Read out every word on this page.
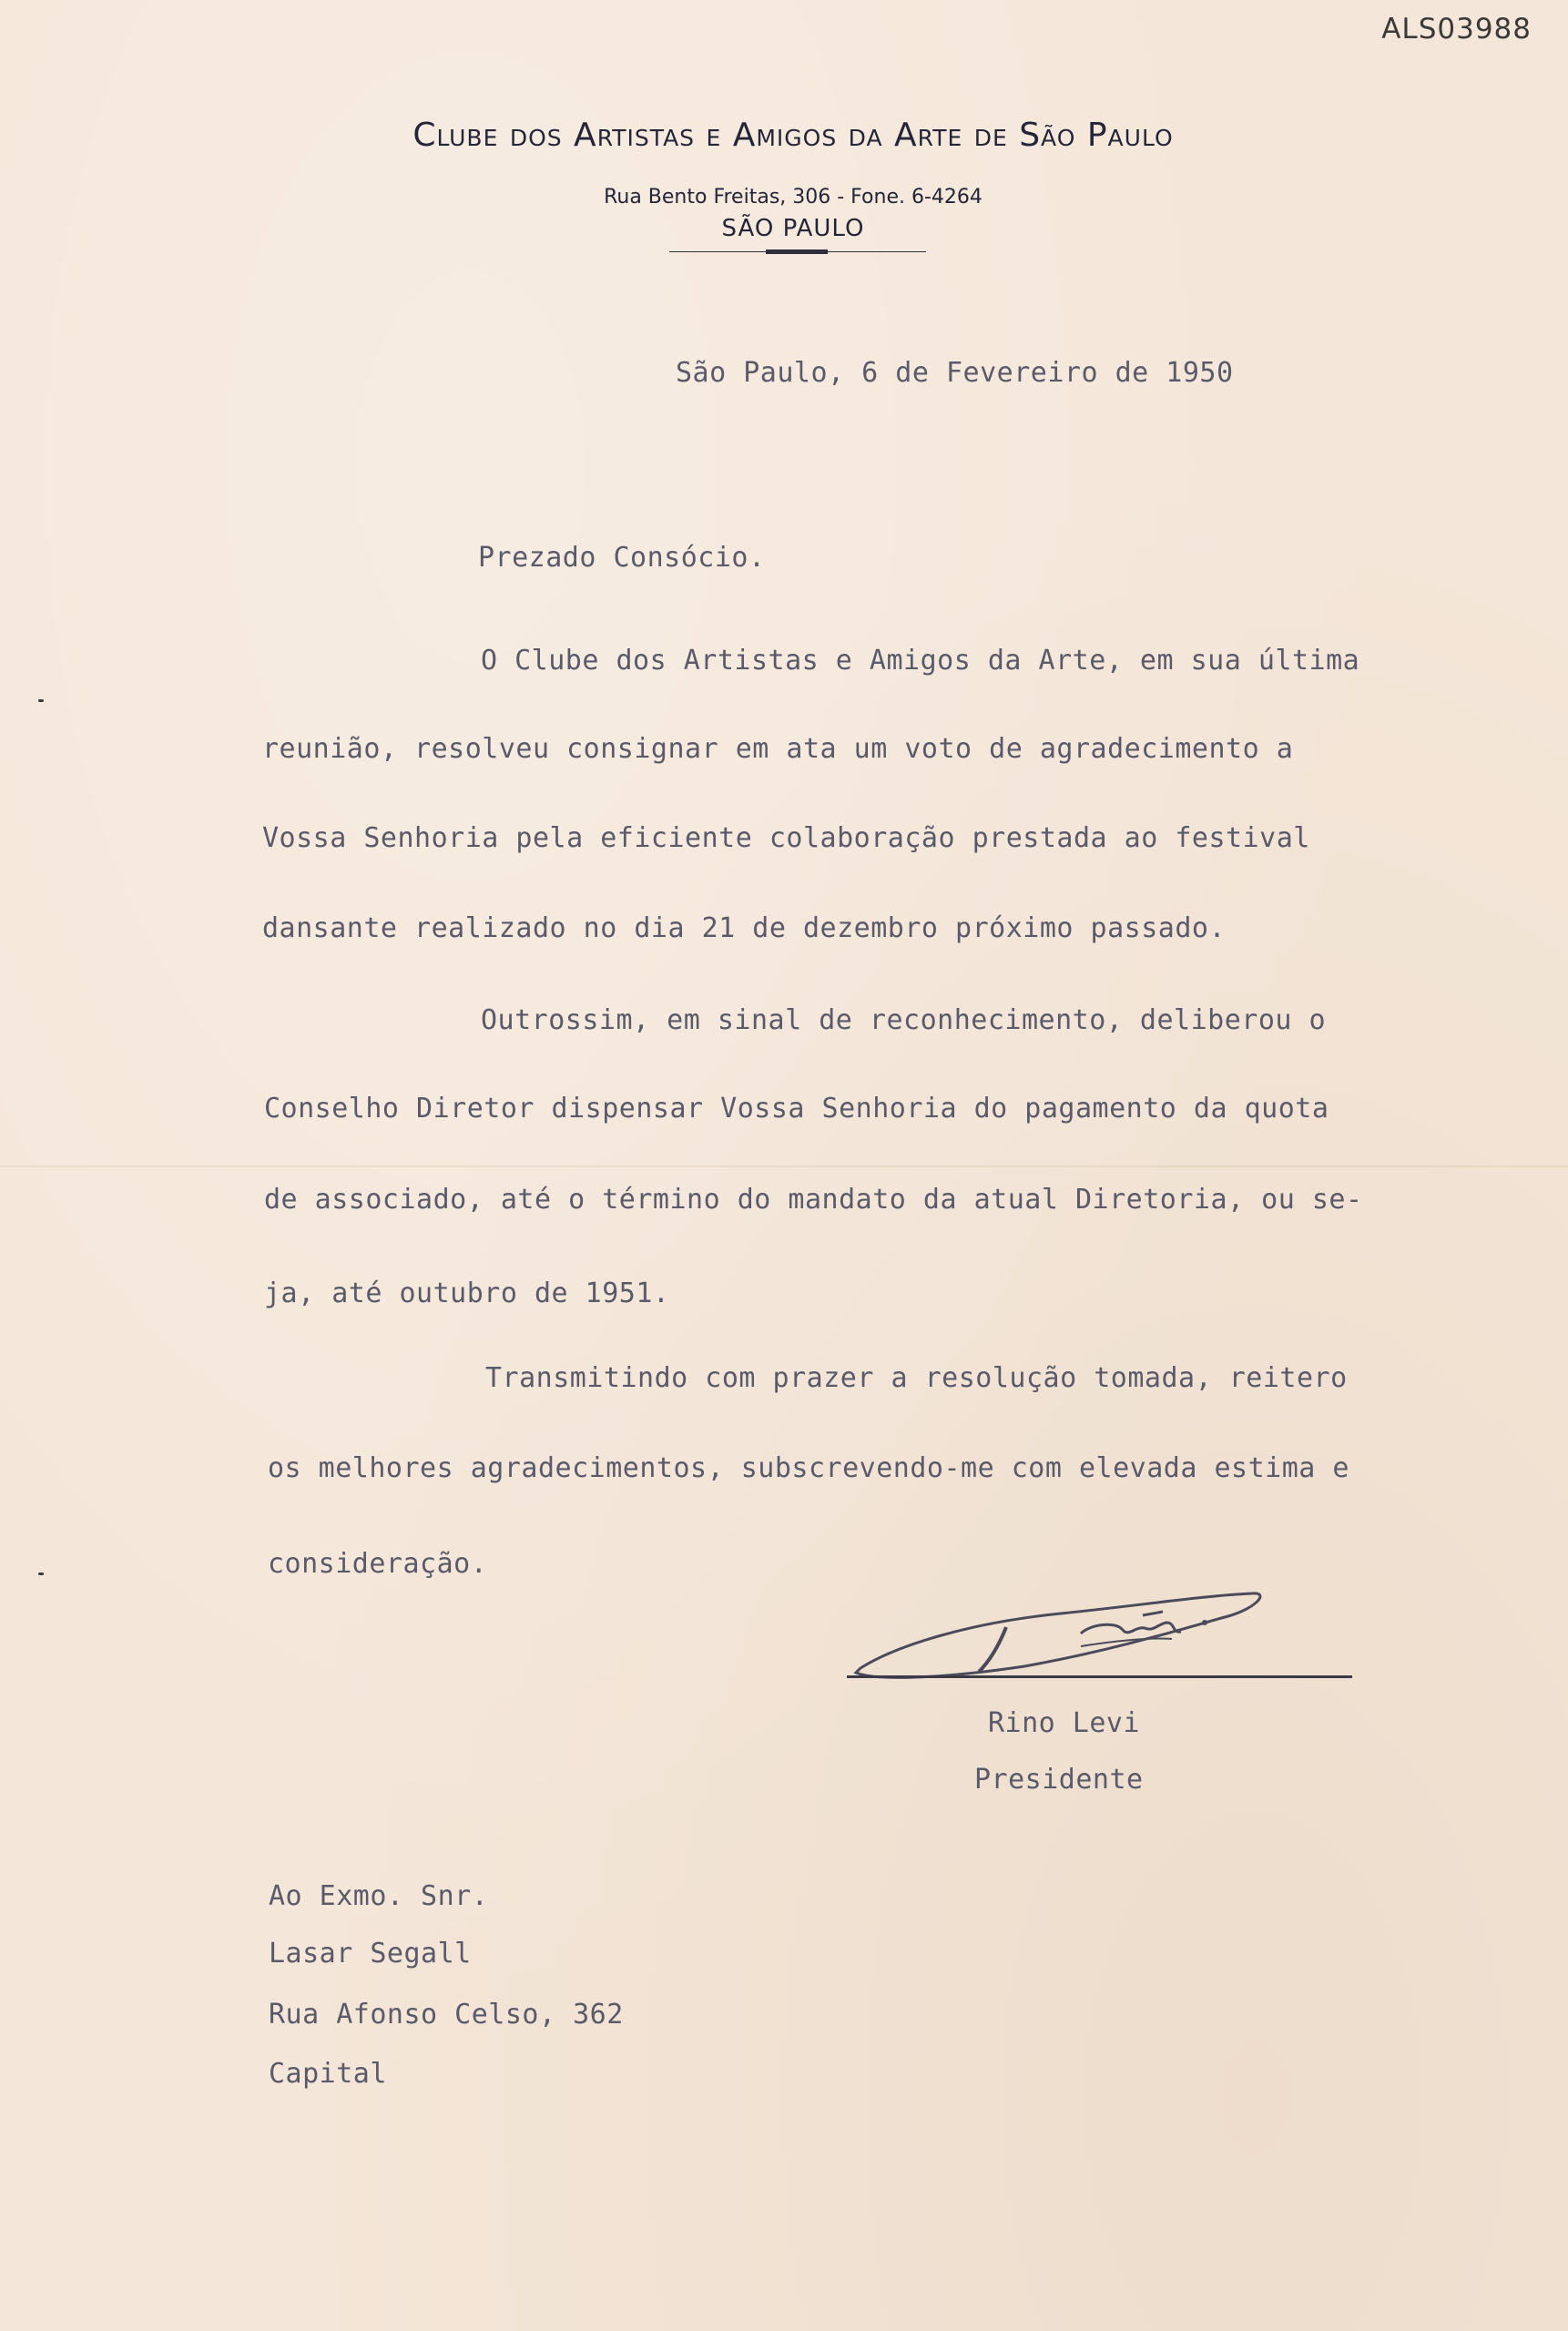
ALS03988
Clube dos Artistas e Amigos da Arte de São Paulo
Rua Bento Freitas, 306 - Fone. 6-4264
SÃO PAULO
São Paulo, 6 de Fevereiro de 1950
Prezado Consócio.
O Clube dos Artistas e Amigos da Arte, em sua última
reunião, resolveu consignar em ata um voto de agradecimento a
Vossa Senhoria pela eficiente colaboração prestada ao festival
dansante realizado no dia 21 de dezembro próximo passado.
Outrossim, em sinal de reconhecimento, deliberou o
Conselho Diretor dispensar Vossa Senhoria do pagamento da quota
de associado, até o término do mandato da atual Diretoria, ou se-
ja, até outubro de 1951.
Transmitindo com prazer a resolução tomada, reitero
os melhores agradecimentos, subscrevendo-me com elevada estima e
consideração.
Rino Levi
Presidente
Ao Exmo. Snr.
Lasar Segall
Rua Afonso Celso, 362
Capital
